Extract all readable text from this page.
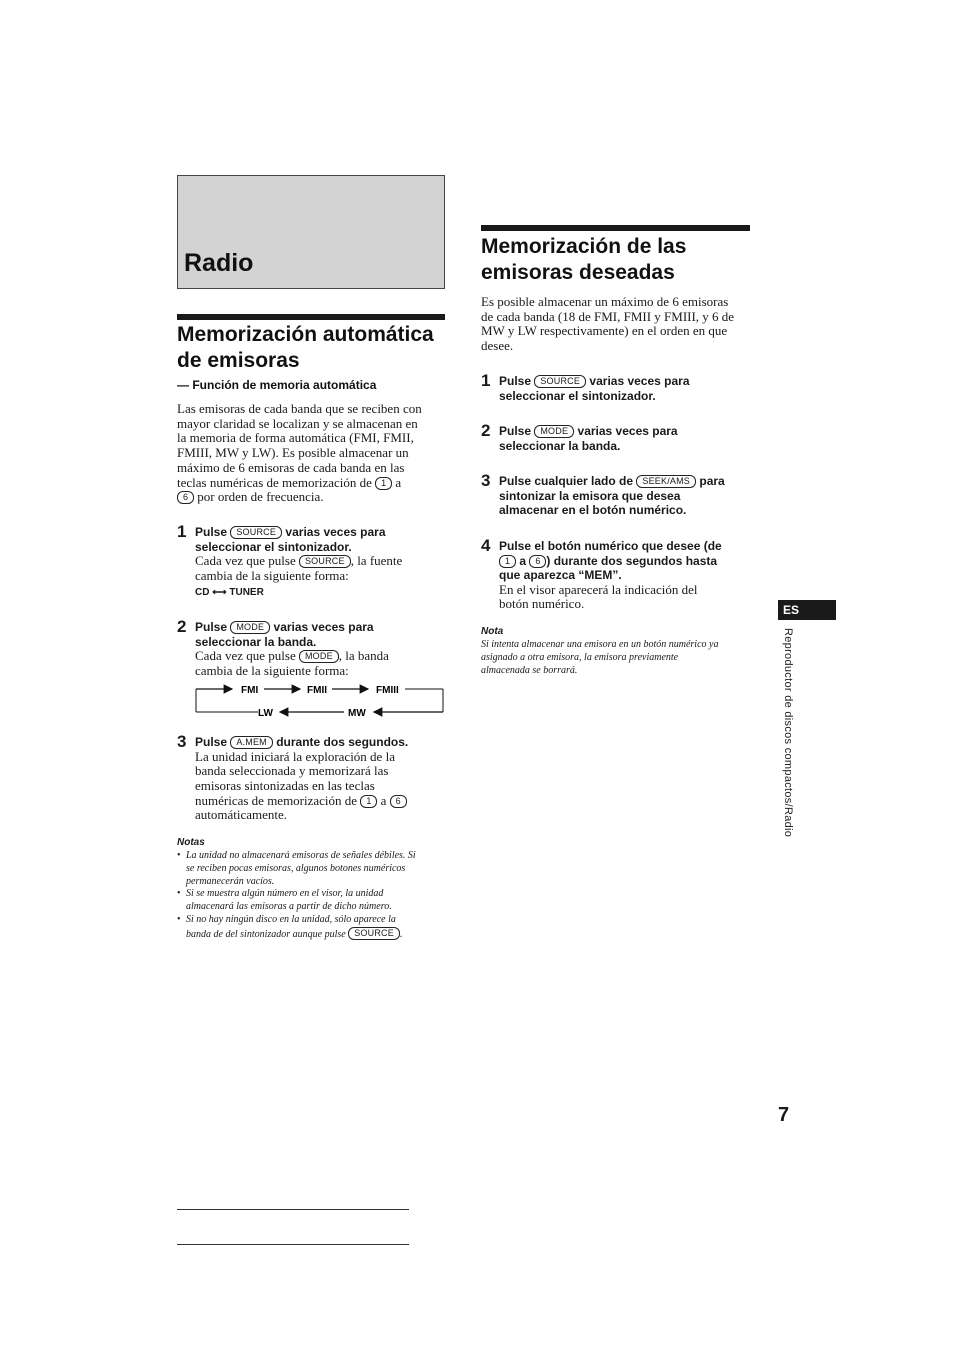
Radio
Memorización automática
de emisoras
— Función de memoria automática
Las emisoras de cada banda que se reciben con
mayor claridad se localizan y se almacenan en
la memoria de forma automática (FMI, FMII,
FMIII, MW y LW). Es posible almacenar un
máximo de 6 emisoras de cada banda en las
teclas numéricas de memorización de 1 a
6 por orden de frecuencia.
1 Pulse SOURCE varias veces para
seleccionar el sintonizador.
Cada vez que pulse SOURCE , la fuente
cambia de la siguiente forma:
CD ⟷ TUNER
2 Pulse MODE varias veces para
seleccionar la banda.
Cada vez que pulse MODE , la banda
cambia de la siguiente forma:
FMI	FMII	FMIII
LW	MW
3 Pulse A.MEM durante dos segundos.
La unidad iniciará la exploración de la
banda seleccionada y memorizará las
emisoras sintonizadas en las teclas
numéricas de memorización de 1 a 6
automáticamente.
Notas
• La unidad no almacenará emisoras de señales débiles. Si
se reciben pocas emisoras, algunos botones numéricos
permanecerán vacíos.
• Si se muestra algún número en el visor, la unidad
almacenará las emisoras a partir de dicho número.
• Si no hay ningún disco en la unidad, sólo aparece la
banda de del sintonizador aunque pulse SOURCE .
Memorización de las
emisoras deseadas
Es posible almacenar un máximo de 6 emisoras
de cada banda (18 de FMI, FMII y FMIII, y 6 de
MW y LW respectivamente) en el orden en que
desee.
1 Pulse SOURCE varias veces para
seleccionar el sintonizador.
2 Pulse MODE varias veces para
seleccionar la banda.
3 Pulse cualquier lado de SEEK/AMS para
sintonizar la emisora que desea
almacenar en el botón numérico.
4 Pulse el botón numérico que desee (de
1 a 6 ) durante dos segundos hasta
que aparezca “MEM”.
En el visor aparecerá la indicación del
botón numérico.
Nota
Si intenta almacenar una emisora en un botón numérico ya
asignado a otra emisora, la emisora previamente
almacenada se borrará.
ES
Reproductor de discos compactos/Radio
7
